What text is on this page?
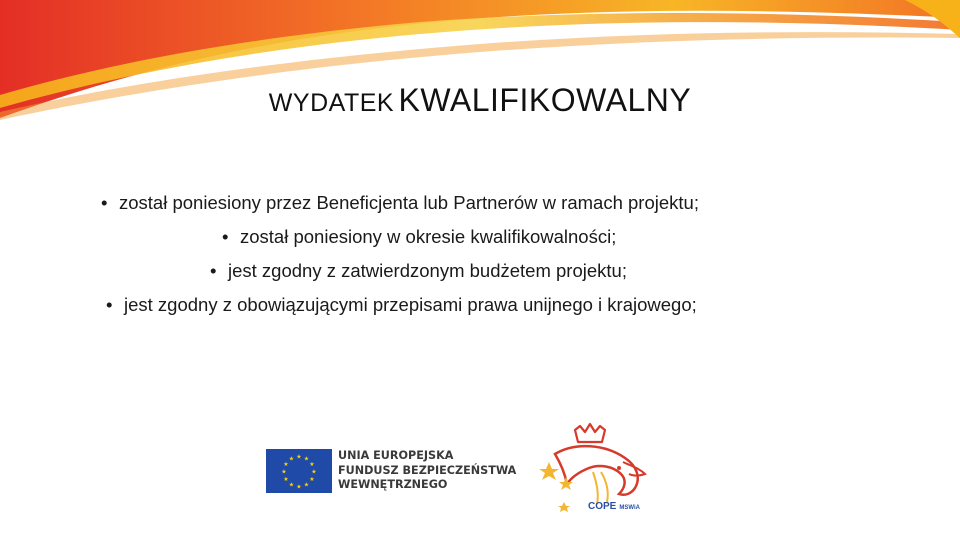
WYDATEK KWALIFIKOWALNY
• został poniesiony przez Beneficjenta lub Partnerów w ramach projektu;
• został poniesiony w okresie kwalifikowalności;
• jest zgodny z zatwierdzonym budżetem projektu;
• jest zgodny z obowiązującymi przepisami prawa unijnego i krajowego;
★ ★
★
★
★
★
★
★
★
★
★
★	UNIA EUROPEJSKA
FUNDUSZ BEZPIECZEŃSTWA
WEWNĘTRZNEGO
COPE MSWiA
